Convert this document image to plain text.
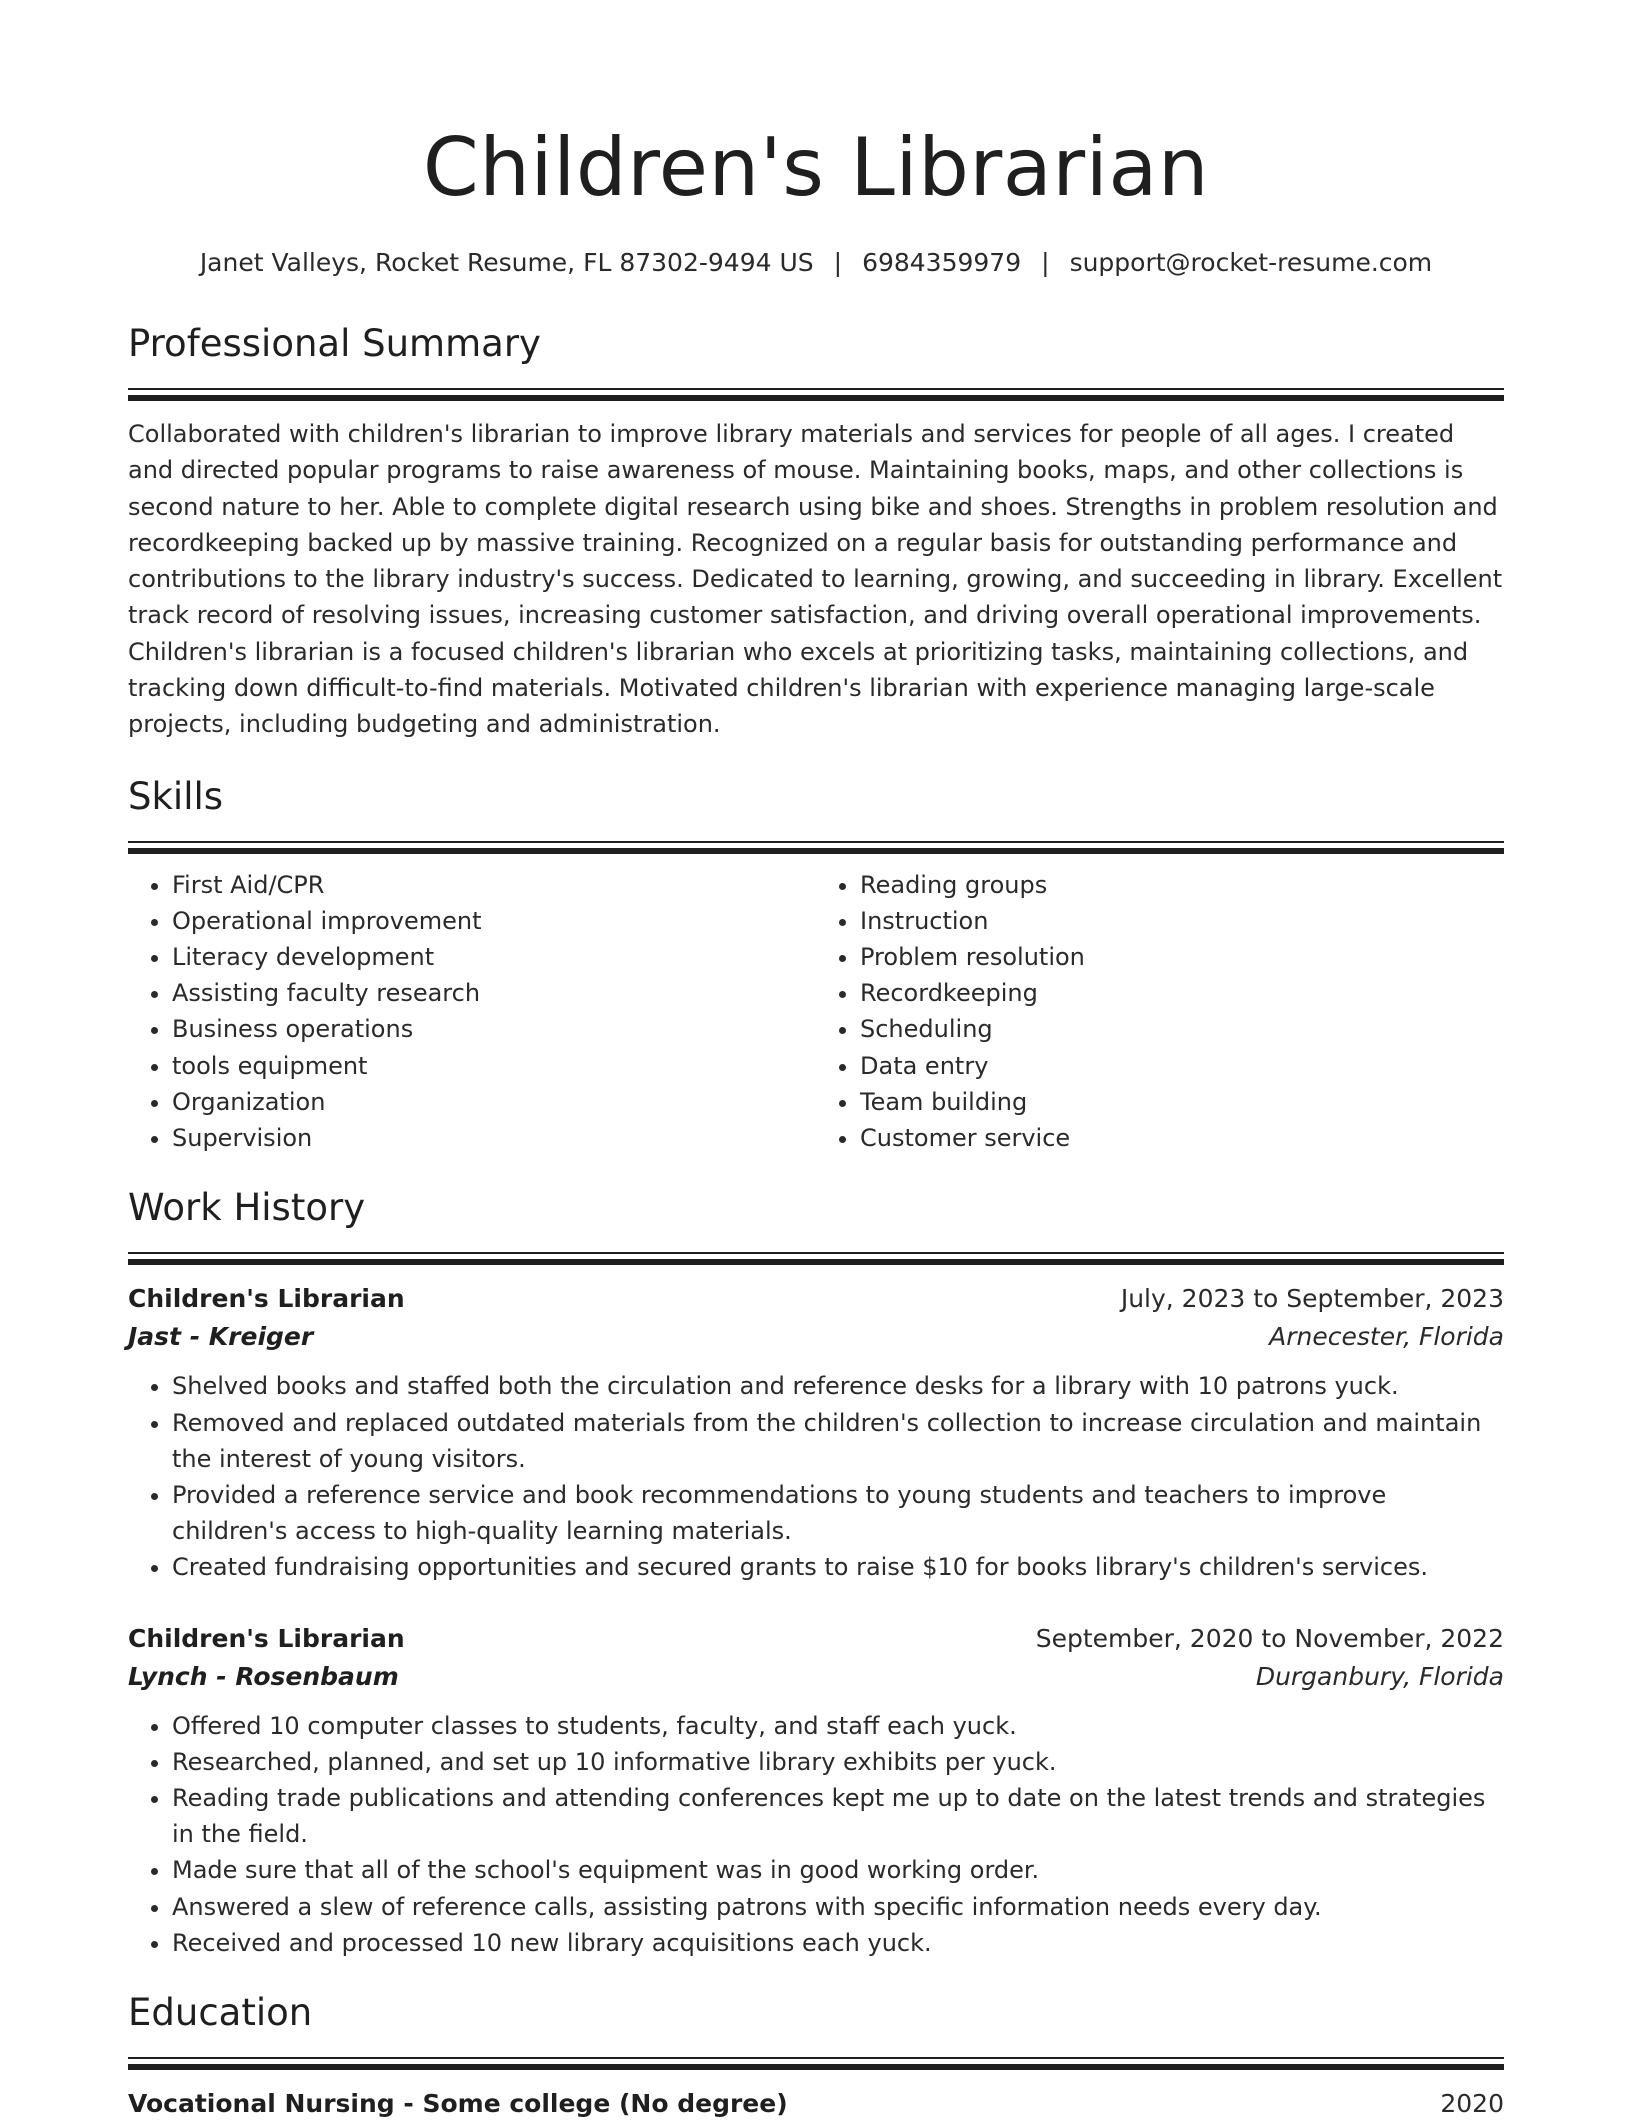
Children's Librarian
Janet Valleys, Rocket Resume, FL 87302-9494 US | 6984359979 | support@rocket-resume.com
Professional Summary
Collaborated with children's librarian to improve library materials and services for people of all ages. I created and directed popular programs to raise awareness of mouse. Maintaining books, maps, and other collections is second nature to her. Able to complete digital research using bike and shoes. Strengths in problem resolution and recordkeeping backed up by massive training. Recognized on a regular basis for outstanding performance and contributions to the library industry's success. Dedicated to learning, growing, and succeeding in library. Excellent track record of resolving issues, increasing customer satisfaction, and driving overall operational improvements. Children's librarian is a focused children's librarian who excels at prioritizing tasks, maintaining collections, and tracking down difficult-to-find materials. Motivated children's librarian with experience managing large-scale projects, including budgeting and administration.
Skills
• First Aid/CPR
• Operational improvement
• Literacy development
• Assisting faculty research
• Business operations
• tools equipment
• Organization
• Supervision
• Reading groups
• Instruction
• Problem resolution
• Recordkeeping
• Scheduling
• Data entry
• Team building
• Customer service
Work History
Children's Librarian	July, 2023 to September, 2023
Jast - Kreiger	Arnecester, Florida
• Shelved books and staffed both the circulation and reference desks for a library with 10 patrons yuck.
• Removed and replaced outdated materials from the children's collection to increase circulation and maintain the interest of young visitors.
• Provided a reference service and book recommendations to young students and teachers to improve children's access to high-quality learning materials.
• Created fundraising opportunities and secured grants to raise $10 for books library's children's services.
Children's Librarian	September, 2020 to November, 2022
Lynch - Rosenbaum	Durganbury, Florida
• Offered 10 computer classes to students, faculty, and staff each yuck.
• Researched, planned, and set up 10 informative library exhibits per yuck.
• Reading trade publications and attending conferences kept me up to date on the latest trends and strategies in the field.
• Made sure that all of the school's equipment was in good working order.
• Answered a slew of reference calls, assisting patrons with specific information needs every day.
• Received and processed 10 new library acquisitions each yuck.
Education
Vocational Nursing - Some college (No degree)	2020
